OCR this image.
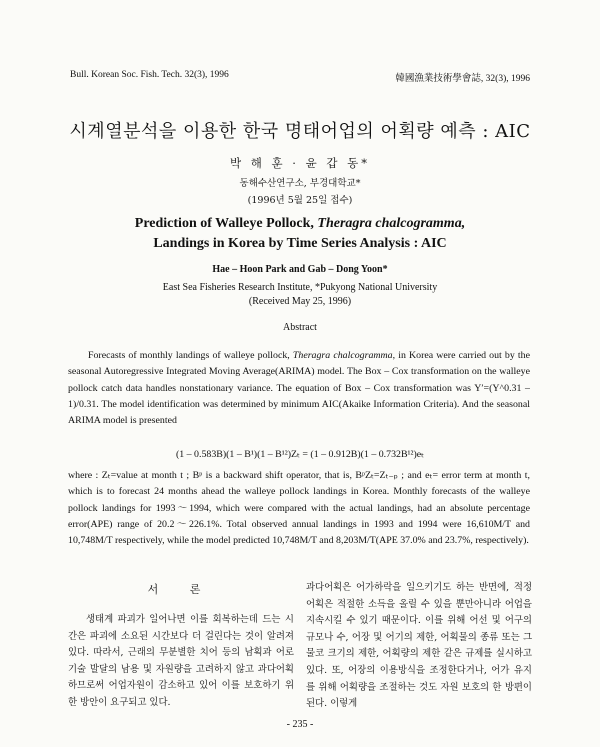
Bull. Korean Soc. Fish. Tech. 32(3), 1996	韓國漁業技術學會誌, 32(3), 1996
시계열분석을 이용한 한국 명태어업의 어획량 예측 : AIC
박 해 훈 · 윤 갑 동*
동해수산연구소, 부경대학교*
(1996년 5월 25일 접수)
Prediction of Walleye Pollock, Theragra chalcogramma,
Landings in Korea by Time Series Analysis : AIC
Hae – Hoon Park and Gab – Dong Yoon*
East Sea Fisheries Research Institute, *Pukyong National University
(Received May 25, 1996)
Abstract

Forecasts of monthly landings of walleye pollock, Theragra chalcogramma, in Korea were carried out by the seasonal Autoregressive Integrated Moving Average(ARIMA) model. The Box – Cox transformation on the walleye pollock catch data handles nonstationary variance. The equation of Box – Cox transformation was Y′=(Y^0.31 – 1)/0.31. The model identification was determined by minimum AIC(Akaike Information Criteria). And the seasonal ARIMA model is presented

(1 – 0.583B)(1 – B¹)(1 – B¹²)Zₜ = (1 – 0.912B)(1 – 0.732B¹²)eₜ

where : Zₜ=value at month t ; Bᵖ is a backward shift operator, that is, BᵖZₜ=Zₜ₋ₚ ; and eₜ= error term at month t, which is to forecast 24 months ahead the walleye pollock landings in Korea. Monthly forecasts of the walleye pollock landings for 1993～1994, which were compared with the actual landings, had an absolute percentage error(APE) range of 20.2～226.1%. Total observed annual landings in 1993 and 1994 were 16,610M/T and 10,748M/T respectively, while the model predicted 10,748M/T and 8,203M/T(APE 37.0% and 23.7%, respectively).

서 론

생태계 파괴가 일어나면 이를 회복하는데 드는 시간은 파괴에 소요된 시간보다 더 걸린다는 것이 알려져 있다. 따라서, 근래의 무분별한 치어 등의 남획과 어로기술 발달의 남용 및 자원량을 고려하지 않고 과다어획하므로써 어업자원이 감소하고 있어 이를 보호하기 위한 방안이 요구되고 있다.

과다어획은 어가하락을 일으키기도 하는 반면에, 적정어획은 적절한 소득을 올릴 수 있을 뿐만아니라 어업을 지속시킬 수 있기 때문이다. 이를 위해 어선 및 어구의 규모나 수, 어장 및 어기의 제한, 어획물의 종류 또는 그물코 크기의 제한, 어획량의 제한 같은 규제를 실시하고 있다. 또, 어장의 이용방식을 조정한다거나, 어가 유지를 위해 어획량을 조절하는 것도 자원 보호의 한 방편이 된다. 이렇게

- 235 -
